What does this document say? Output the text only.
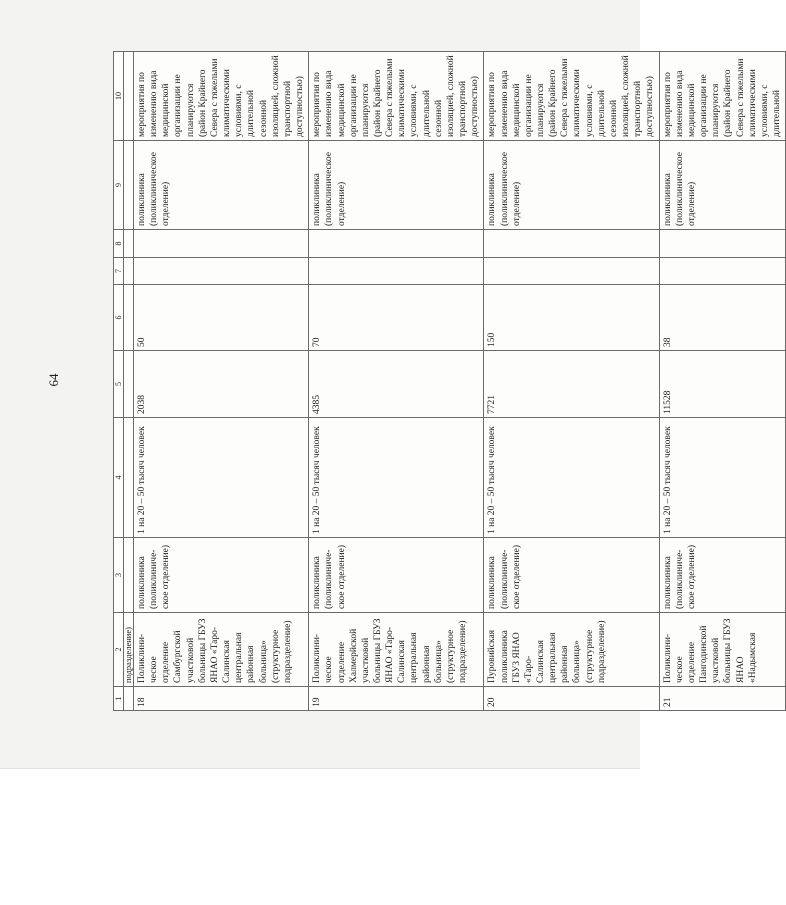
64
1	2	3	4	5	6	7	8	9	10
	подразделение)								
18	Поликлини-ческое отделение Самбургской участковой больницы ГБУЗ ЯНАО «Таро-Салинская центральная районная больница» (структурное подразделение)	поликлиника (поликлиниче-ское отделение)	1 на 20 – 50 тысяч человек	2038	50			поликлиника (поликлиническое отделение)	мероприятия по изменению вида медицинской организации не планируются (район Крайнего Севера с тяжелыми климатическими условиями, с длительной сезонной изоляцией, сложной транспортной доступностью)
19	Поликлини-ческое отделение Халмерйской участковой больницы ГБУЗ ЯНАО «Таро-Салинская центральная районная больница» (структурное подразделение)	поликлиника (поликлиниче-ское отделение)	1 на 20 – 50 тысяч человек	4385	70			поликлиника (поликлиническое отделение)	мероприятия по изменению вида медицинской организации не планируются (район Крайнего Севера с тяжелыми климатическими условиями, с длительной сезонной изоляцией, сложной транспортной доступностью)
20	Пуровийская поликлиника ГБУЗ ЯНАО «Таро-Салинская центральная районная больница» (структурное подразделение)	поликлиника (поликлиниче-ское отделение)	1 на 20 – 50 тысяч человек	7721	150			поликлиника (поликлиническое отделение)	мероприятия по изменению вида медицинской организации не планируются (район Крайнего Севера с тяжелыми климатическими условиями, с длительной сезонной изоляцией, сложной транспортной доступностью)
21	Поликлини-ческое отделение Пангодинской участковой больницы ГБУЗ ЯНАО «Надымская	поликлиника (поликлиниче-ское отделение)	1 на 20 – 50 тысяч человек	11528	38			поликлиника (поликлиническое отделение)	мероприятия по изменению вида медицинской организации не планируются (район Крайнего Севера с тяжелыми климатическими условиями, с длительной
